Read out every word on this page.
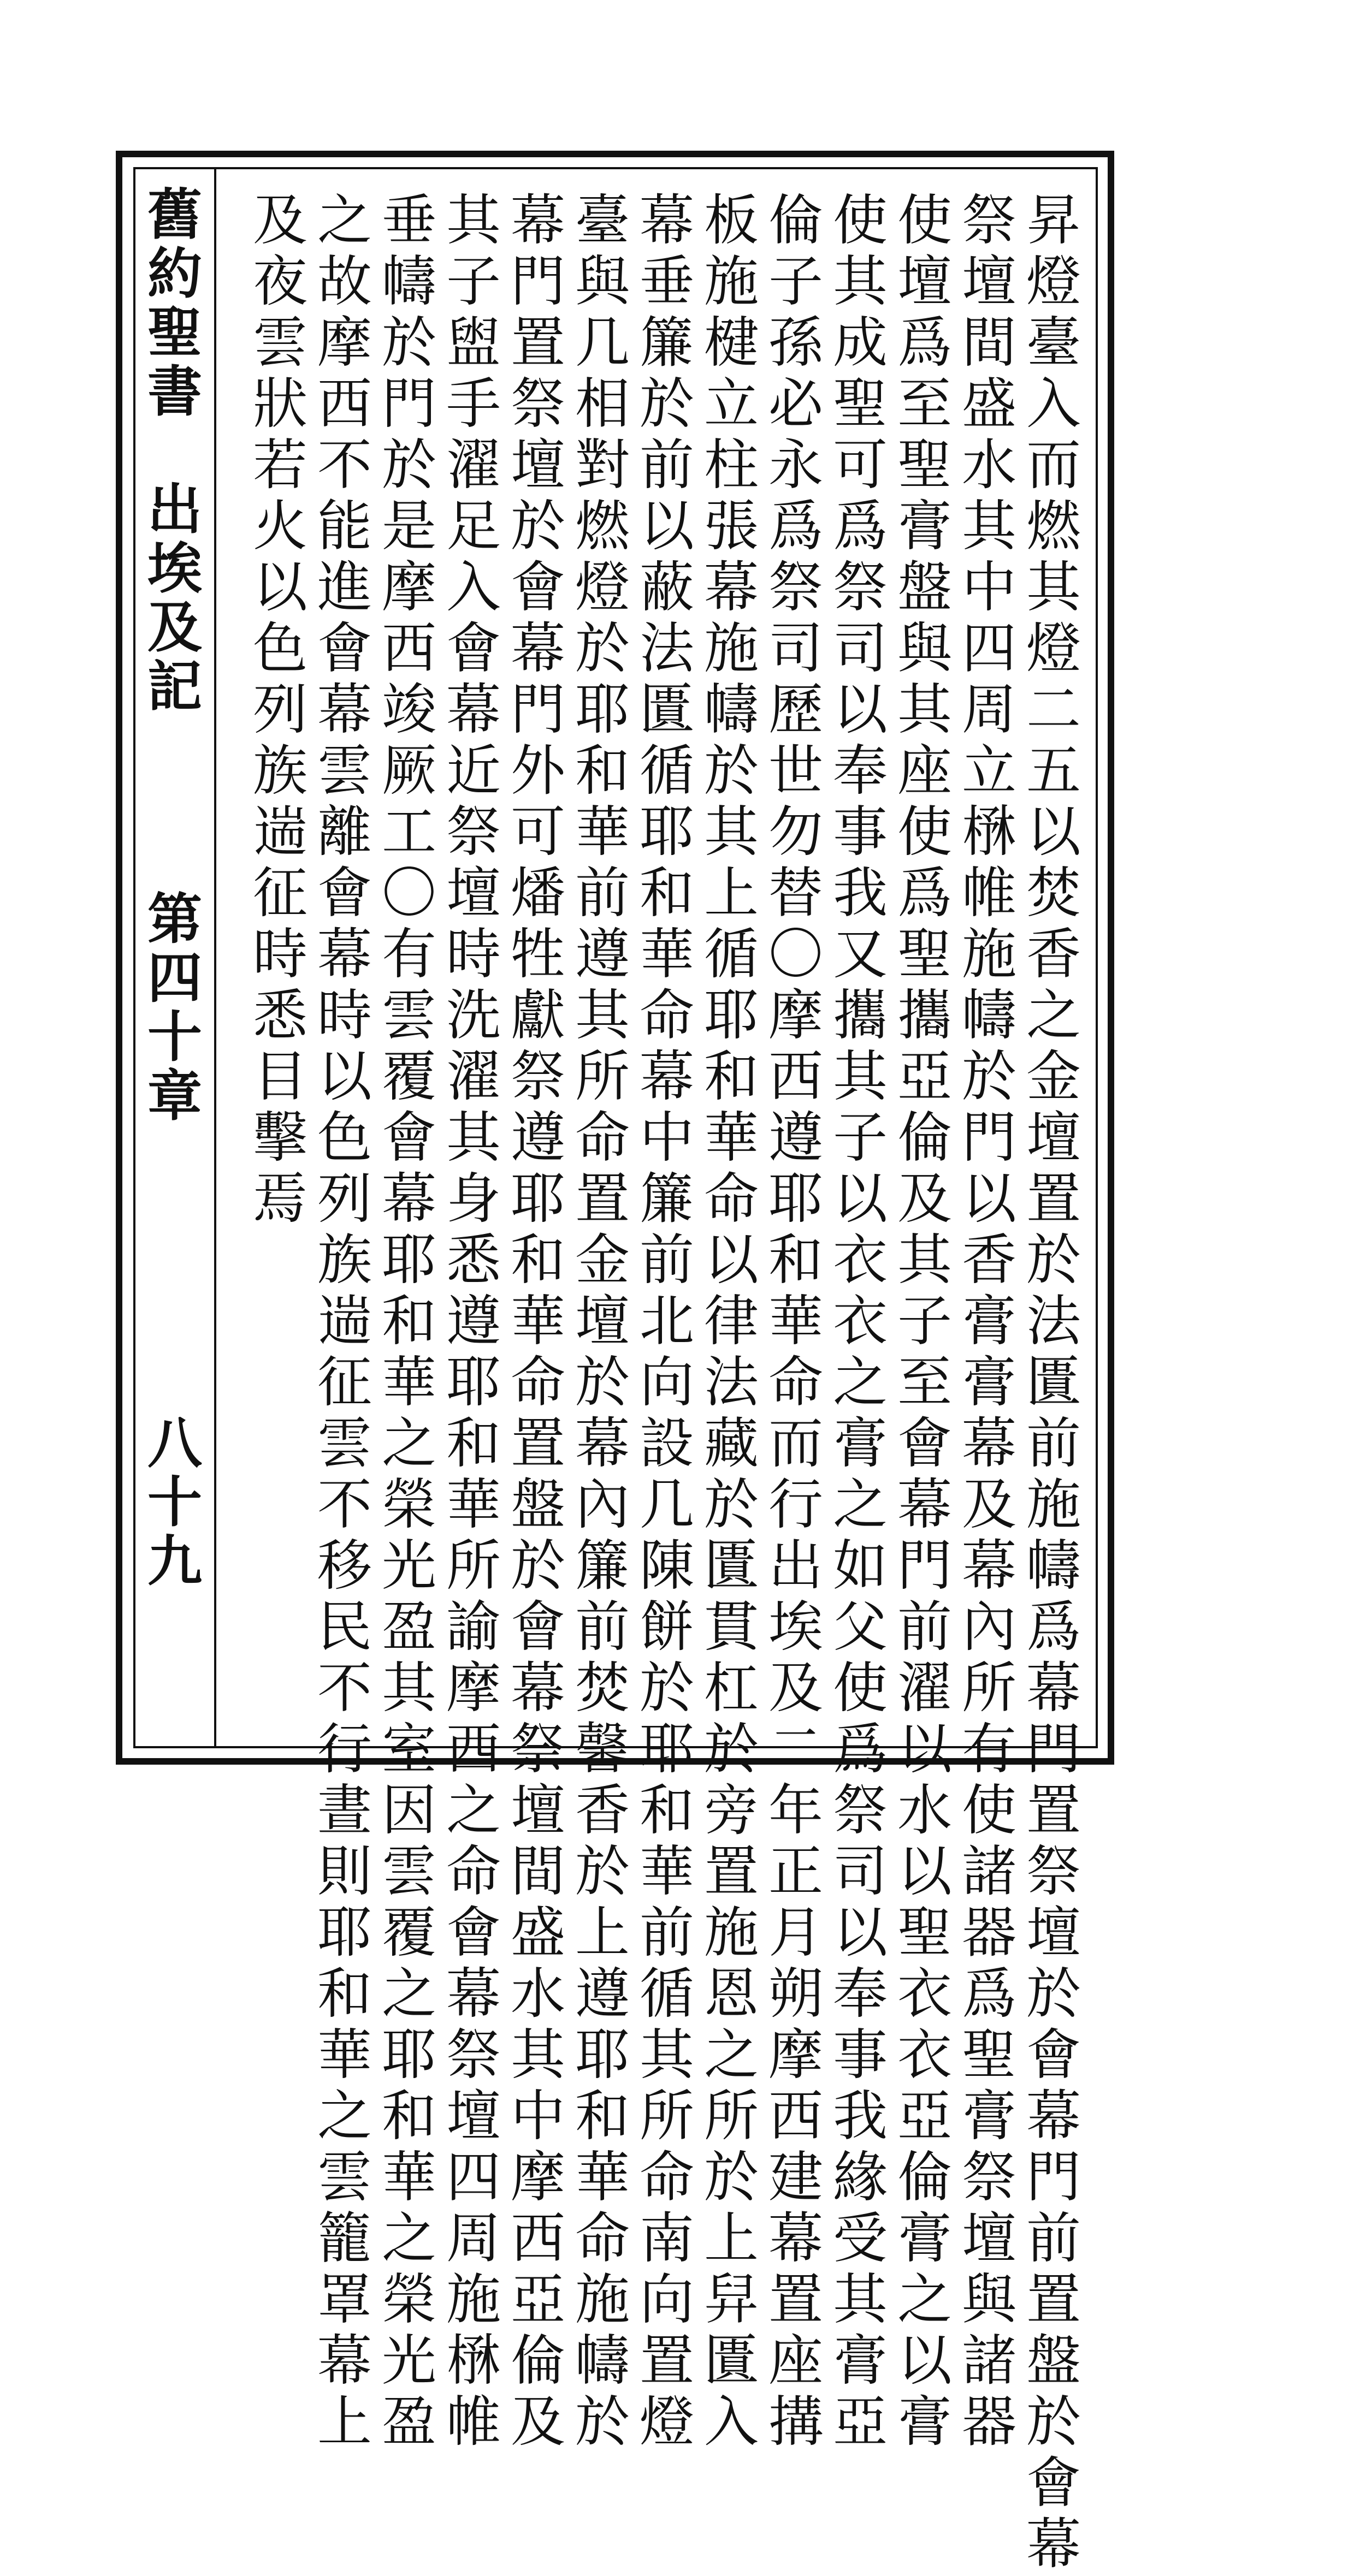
舊約聖書
出埃及記
第四十章
八十九	昇燈臺入而燃其燈二五以焚香之金壇置於法匱前施幬爲幕門置祭壇於會幕門前置盤於會幕
祭壇間盛水其中四周立㮊帷施幬於門以香膏膏幕及幕內所有使諸器爲聖膏祭壇與諸器
使壇爲至聖膏盤與其座使爲聖攜亞倫及其子至會幕門前濯以水以聖衣衣亞倫膏之以膏
使其成聖可爲祭司以奉事我又攜其子以衣衣之膏之如父使爲祭司以奉事我緣受其膏亞
倫子孫必永爲祭司歷世勿替〇摩西遵耶和華命而行出埃及二年正月朔摩西建幕置座搆
板施楗立柱張幕施幬於其上循耶和華命以律法藏於匱貫杠於旁置施恩之所於上舁匱入
幕垂簾於前以蔽法匱循耶和華命幕中簾前北向設几陳餅於耶和華前循其所命南向置燈
臺與几相對燃燈於耶和華前遵其所命置金壇於幕內簾前焚馨香於上遵耶和華命施幬於
幕門置祭壇於會幕門外可燔牲獻祭遵耶和華命置盤於會幕祭壇間盛水其中摩西亞倫及
其子盥手濯足入會幕近祭壇時洗濯其身悉遵耶和華所諭摩西之命會幕祭壇四周施㮊帷
垂幬於門於是摩西竣厥工〇有雲覆會幕耶和華之榮光盈其室因雲覆之耶和華之榮光盈
之故摩西不能進會幕雲離會幕時以色列族遄征雲不移民不行晝則耶和華之雲籠罩幕上
及夜雲狀若火以色列族遄征時悉目擊焉
